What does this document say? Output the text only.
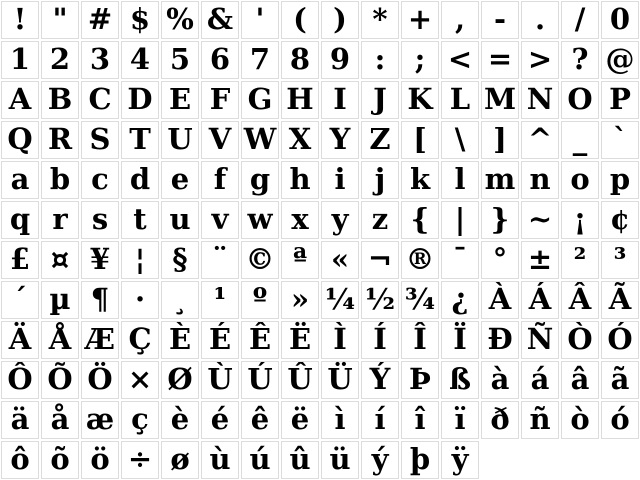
! " # $ % & ' ( ) * + , - .	/ 0
1 2 3 4 5 6 7 8 9 :	; < = > ? @
A B C D E F G H I J K L M N O P
Q R S T U V W X Y Z [ \ ] ^ _ `
a b c d e f g h i	j k l m n o p
q r s t u v w x y z { | } ~ ¡ ¢
£ ¤ ¥ ¦ § ¨ © ª « ¬ ® ¯ ° ± ² ³
´ µ ¶ · ¸ ¹ º » ¼ ½ ¾ ¿ À Á Â Ã
Ä Å Æ Ç È É Ê Ë Ì Í Î Ï Ð Ñ Ò Ó
Ô Õ Ö × Ø Ù Ú Û Ü Ý Þ ß à á â ã
ä å æ ç è é ê ë ì í î ï ð ñ ò ó
ô õ ö ÷ ø ù ú û ü ý þ ÿ
